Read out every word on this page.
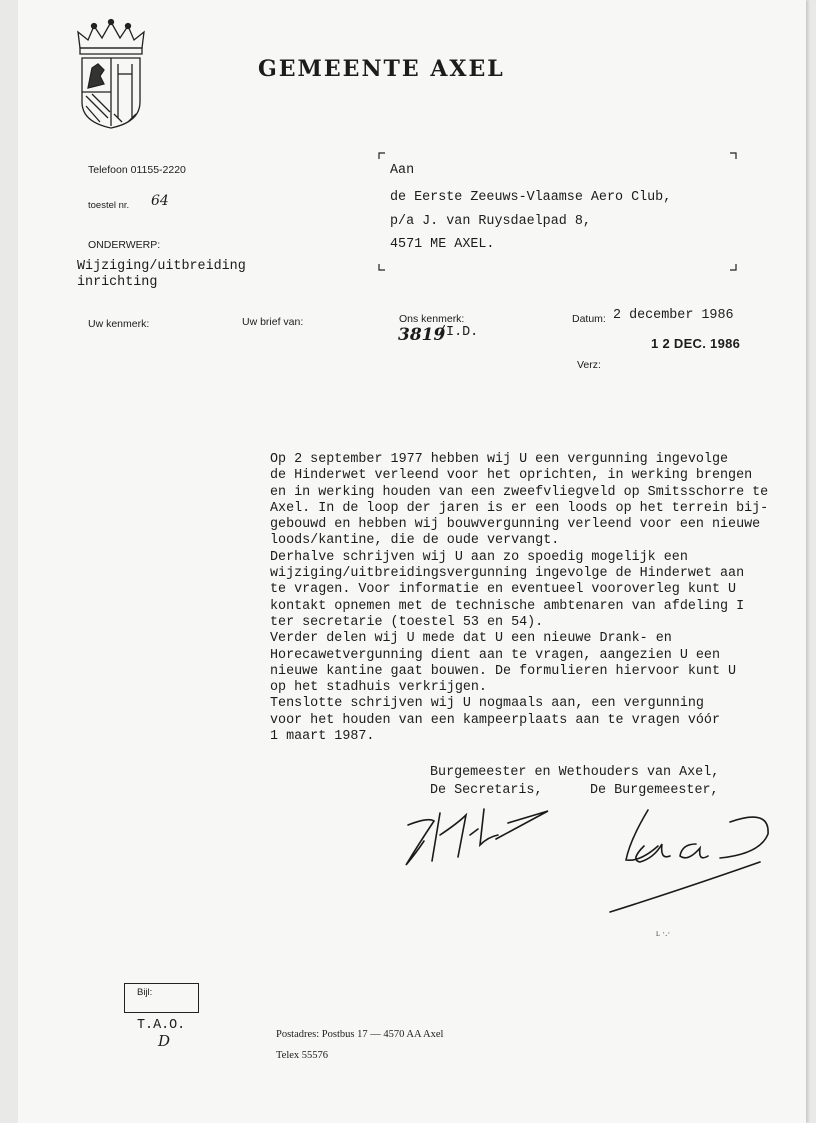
GEMEENTE AXEL
Telefoon 01155-2220
toestel nr. 64
ONDERWERP:
Wijziging/uitbreiding
inrichting
Aan
de Eerste Zeeuws-Vlaamse Aero Club,
p/a J. van Ruysdaelpad 8,
4571 ME AXEL.
Uw kenmerk:	Uw brief van:	Ons kenmerk:
3819
/I.D.
Datum: 2 december 1986
1 2 DEC. 1986
Verz:
Op 2 september 1977 hebben wij U een vergunning ingevolge
de Hinderwet verleend voor het oprichten, in werking brengen
en in werking houden van een zweefvliegveld op Smitsschorre te
Axel. In de loop der jaren is er een loods op het terrein bij-
gebouwd en hebben wij bouwvergunning verleend voor een nieuwe
loods/kantine, die de oude vervangt.
Derhalve schrijven wij U aan zo spoedig mogelijk een
wijziging/uitbreidingsvergunning ingevolge de Hinderwet aan
te vragen. Voor informatie en eventueel vooroverleg kunt U
kontakt opnemen met de technische ambtenaren van afdeling I
ter secretarie (toestel 53 en 54).
Verder delen wij U mede dat U een nieuwe Drank- en
Horecawetvergunning dient aan te vragen, aangezien U een
nieuwe kantine gaat bouwen. De formulieren hiervoor kunt U
op het stadhuis verkrijgen.
Tenslotte schrijven wij U nogmaals aan, een vergunning
voor het houden van een kampeerplaats aan te vragen vóór
1 maart 1987.
Burgemeester en Wethouders van Axel,
De Secretaris,	De Burgemeester,
ʟ ·.·
Bijl:
T.A.O.
D	Postadres: Postbus 17 — 4570 AA Axel
Telex 55576
